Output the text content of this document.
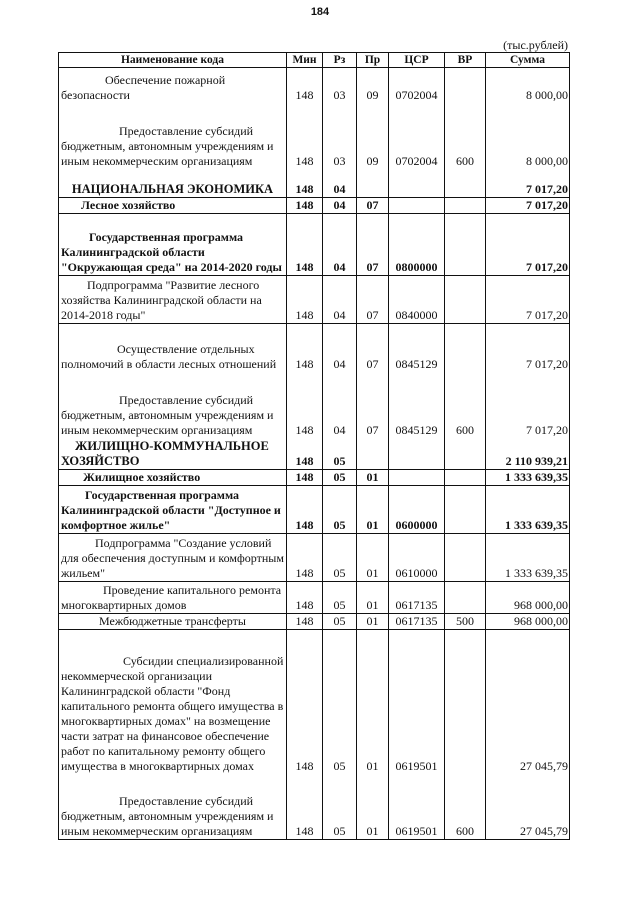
184
(тыс.рублей)
Наименование кода	Мин	Рз	Пр	ЦСР	ВР	Сумма

Обеспечение пожарной безопасности	148	03	09	0702004		8 000,00

Предоставление субсидий бюджетным, автономным учреждениям и иным некоммерческим организациям	148	03	09	0702004	600	8 000,00

НАЦИОНАЛЬНАЯ ЭКОНОМИКА	148	04				7 017,20

Лесное хозяйство	148	04	07			7 017,20

Государственная программа Калининградской области "Окружающая среда" на 2014-2020 годы	148	04	07	0800000		7 017,20

Подпрограмма "Развитие лесного хозяйства Калининградской области на 2014-2018 годы"	148	04	07	0840000		7 017,20

Осуществление отдельных полномочий в области лесных отношений	148	04	07	0845129		7 017,20

Предоставление субсидий бюджетным, автономным учреждениям и иным некоммерческим организациям	148	04	07	0845129	600	7 017,20

ЖИЛИЩНО-КОММУНАЛЬНОЕ ХОЗЯЙСТВО	148	05				2 110 939,21

Жилищное хозяйство	148	05	01			1 333 639,35

Государственная программа Калининградской области "Доступное и комфортное жилье"	148	05	01	0600000		1 333 639,35

Подпрограмма "Создание условий для обеспечения доступным и комфортным жильем"	148	05	01	0610000		1 333 639,35

Проведение капитального ремонта многоквартирных домов	148	05	01	0617135		968 000,00

Межбюджетные трансферты	148	05	01	0617135	500	968 000,00

Субсидии специализированной некоммерческой организации Калининградской области "Фонд капитального ремонта общего имущества в многоквартирных домах" на возмещение части затрат на финансовое обеспечение работ по капитальному ремонту общего имущества в многоквартирных домах	148	05	01	0619501		27 045,79

Предоставление субсидий бюджетным, автономным учреждениям и иным некоммерческим организациям	148	05	01	0619501	600	27 045,79
